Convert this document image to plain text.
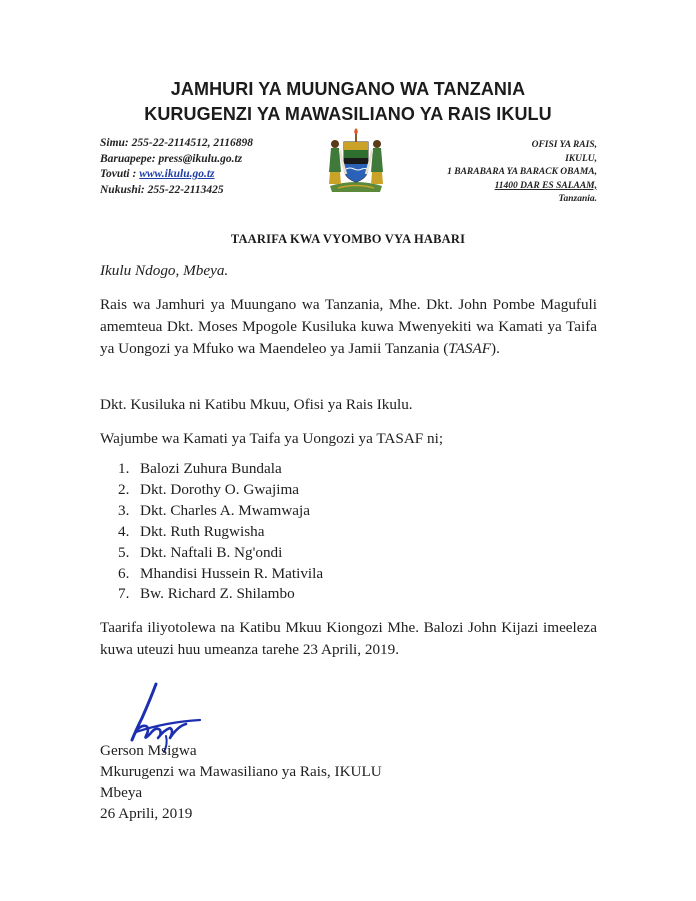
JAMHURI YA MUUNGANO WA TANZANIA
KURUGENZI YA MAWASILIANO YA RAIS IKULU
Simu: 255-22-2114512, 2116898
Baruapepe: press@ikulu.go.tz
Tovuti : www.ikulu.go.tz
Nukushi: 255-22-2113425
OFISI YA RAIS,
IKULU,
1 BARABARA YA BARACK OBAMA,
11400 DAR ES SALAAM,
Tanzania.
TAARIFA KWA VYOMBO VYA HABARI
Ikulu Ndogo, Mbeya.
Rais wa Jamhuri ya Muungano wa Tanzania, Mhe. Dkt. John Pombe Magufuli amemteua Dkt. Moses Mpogole Kusiluka kuwa Mwenyekiti wa Kamati ya Taifa ya Uongozi ya Mfuko wa Maendeleo ya Jamii Tanzania (TASAF).
Dkt. Kusiluka ni Katibu Mkuu, Ofisi ya Rais Ikulu.
Wajumbe wa Kamati ya Taifa ya Uongozi ya TASAF ni;
1. Balozi Zuhura Bundala
2. Dkt. Dorothy O. Gwajima
3. Dkt. Charles A. Mwamwaja
4. Dkt. Ruth Rugwisha
5. Dkt. Naftali B. Ng'ondi
6. Mhandisi Hussein R. Mativila
7. Bw. Richard Z. Shilambo
Taarifa iliyotolewa na Katibu Mkuu Kiongozi Mhe. Balozi John Kijazi imeeleza kuwa uteuzi huu umeanza tarehe 23 Aprili, 2019.
Gerson Msigwa
Mkurugenzi wa Mawasiliano ya Rais, IKULU
Mbeya
26 Aprili, 2019
